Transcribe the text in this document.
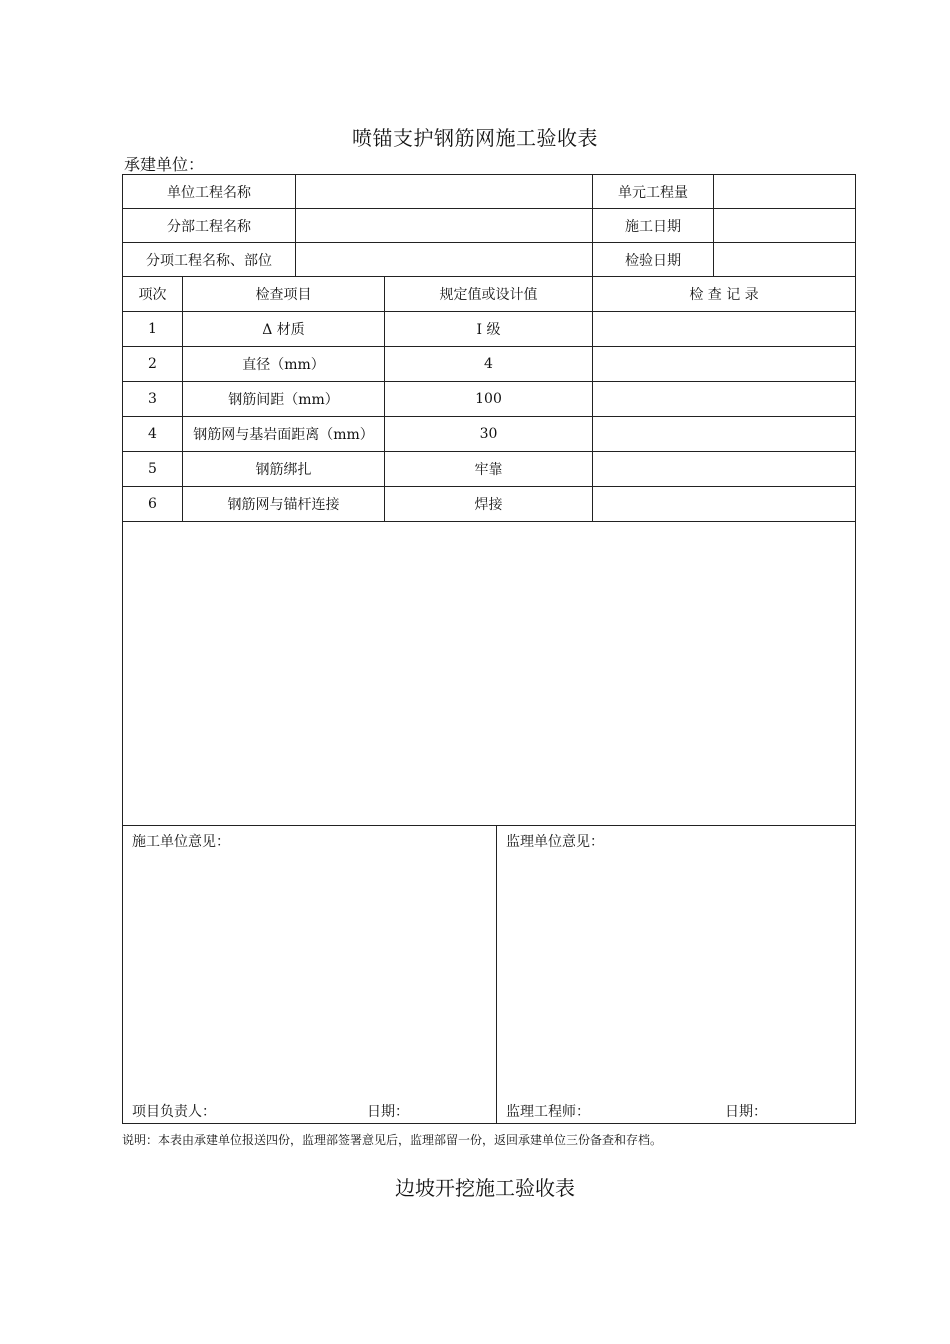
喷锚支护钢筋网施工验收表
承建单位：
单位工程名称					单元工程量	
分部工程名称					施工日期	
分项工程名称、部位					检验日期	
项次	检查项目		规定值或设计值		检 查 记 录	
1	Δ 材质		Ⅰ 级			
2	直径（mm）		4			
3	钢筋间距（mm）		100			
4	钢筋网与基岩面距离（mm）		30			
5	钢筋绑扎		牢靠			
6	钢筋网与锚杆连接		焊接			

施工单位意见：
项目负责人： 日期：				监理单位意见：
监理工程师： 日期：		
说明：本表由承建单位报送四份，监理部签署意见后，监理部留一份，返回承建单位三份备查和存档。
边坡开挖施工验收表
